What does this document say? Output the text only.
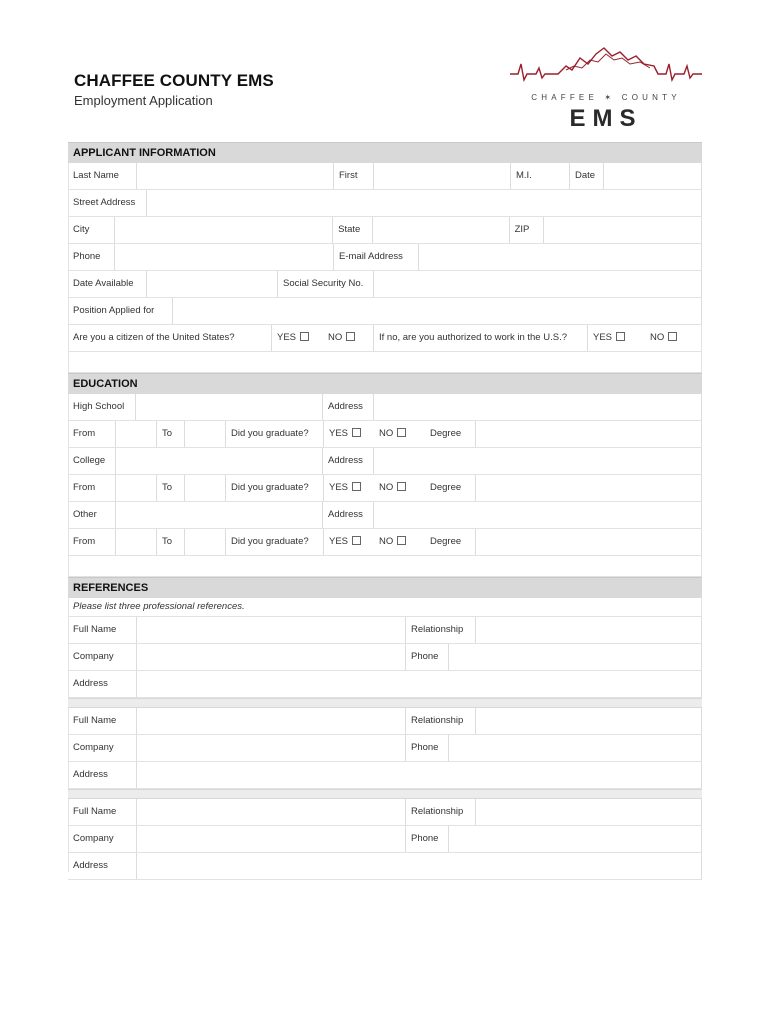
CHAFFEE COUNTY EMS
Employment Application	CHAFFEE ✶ COUNTY
EMS
APPLICANT INFORMATION
Last Name	First	M.I.	Date
Street Address
City	State	ZIP
Phone	E-mail Address
Date Available	Social Security No.
Position Applied for
Are you a citizen of the United States?	YES	NO	If no, are you authorized to work in the U.S.?	YES	NO
EDUCATION
High School	Address
From	To	Did you graduate?	YES	NO	Degree
College	Address
From	To	Did you graduate?	YES	NO	Degree
Other	Address
From	To	Did you graduate?	YES	NO	Degree
REFERENCES
Please list three professional references.
Full Name	Relationship
Company	Phone
Address
Full Name	Relationship
Company	Phone
Address
Full Name	Relationship
Company	Phone
Address
